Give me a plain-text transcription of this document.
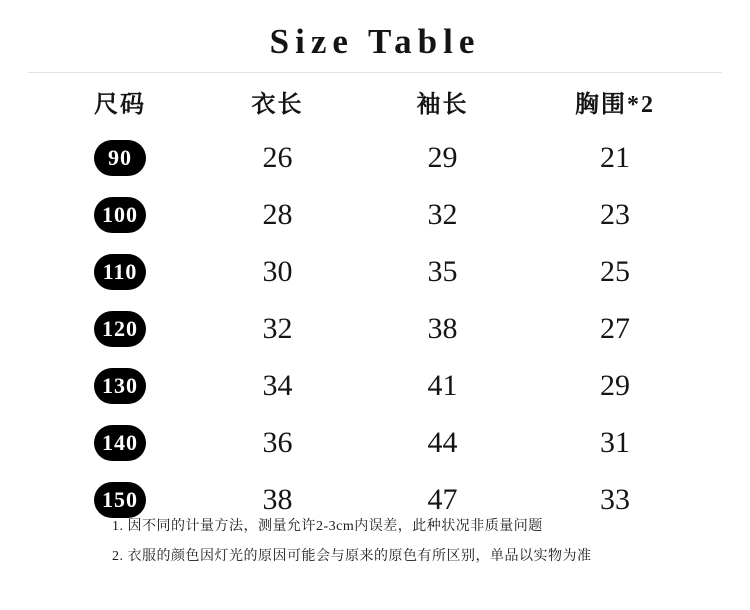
Size Table
尺码	衣长	袖长	胸围*2
90	26	29	21
100	28	32	23
110	30	35	25
120	32	38	27
130	34	41	29
140	36	44	31
150	38	47	33
1. 因不同的计量方法，测量允许2-3cm内误差，此种状况非质量问题
2. 衣服的颜色因灯光的原因可能会与原来的原色有所区别，单品以实物为准
